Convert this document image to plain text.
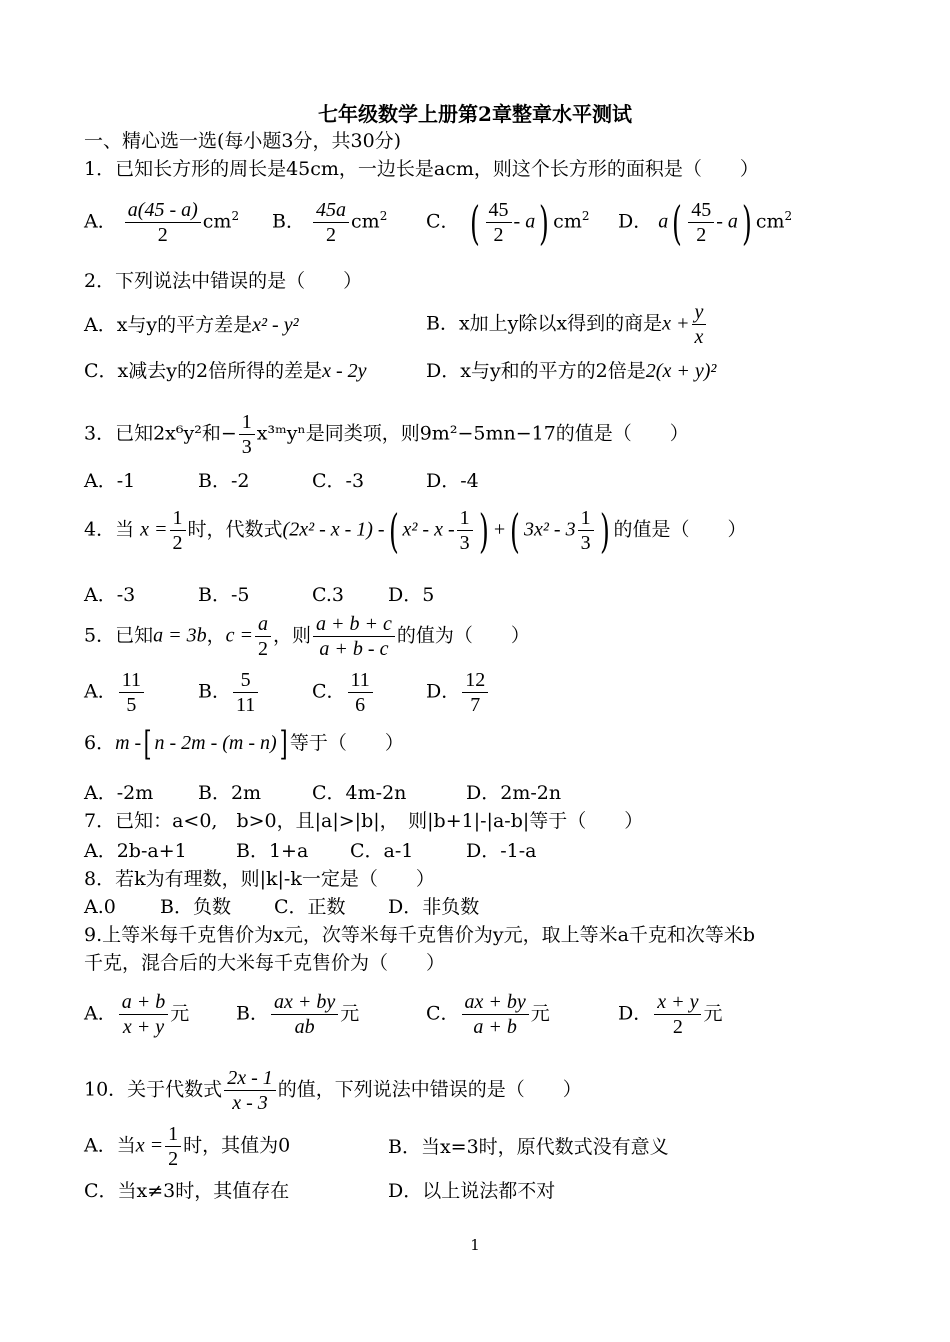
七年级数学上册第2章整章水平测试
一、精心选一选(每小题3分，共30分)
1．已知长方形的周长是45cm，一边长是acm，则这个长方形的面积是（　　）
A． $\frac{a(45 - a)}{2} cm^2$ B． $\frac{45a}{2} cm^2$ C． ( $\frac{45}{2} - a$) $cm^2$ D． $a( \frac{45}{2} - a)$ $cm^2$
2．下列说法中错误的是（　　）
A．x与y的平方差是x² - y²	B．x加上y除以x得到的商是$x + \frac{y}{x}$
C．x减去y的2倍所得的差是x - 2y	D．x与y和的平方的2倍是2(x + y)²
3．已知2x⁶y²和− $\frac{1}{3}$ x³ᵐyⁿ是同类项，则9m²−5mn−17的值是（　　）
A．-1	B．-2	C．-3	D．-4
4．当 $x = \frac{1}{2}$ 时，代数式(2x² - x - 1) -( x² - x - $\frac{1}{3}$ ) +( $3x^2 - 3 \frac{1}{3}$ ) 的值是（　　）
A．-3	B．-5	C.3 D．5
5．已知a = 3b，$c = \frac{a}{2}$ ，则 $\frac{a + b + c}{a + b - c}$ 的值为（　　）
A． $\frac{11}{5}$	B． $\frac{5}{11}$	C． $\frac{11}{6}$	D． $\frac{12}{7}$
6．m -[ n - 2m - (m - n)] 等于（　　）
A．-2m B．2m	C．4m-2n	D．2m-2n
7．已知：a<0,　b>0，且|a|>|b|，　则|b+1|-|a-b|等于（　　）
A．2b-a+1	B．1+a C．a-1	D．-1-a
8．若k为有理数，则|k|-k一定是（　　）
A.0 B．负数 C．正数 D．非负数
9.上等米每千克售价为x元，次等米每千克售价为y元，取上等米a千克和次等米b
千克，混合后的大米每千克售价为（　　）
A． $\frac{a + b}{x + y}$ 元 B． $\frac{ax + by}{ab}$ 元	C． $\frac{ax + by}{a + b}$ 元	D． $\frac{x + y}{2}$ 元
10．关于代数式 $\frac{2x - 1}{x - 3}$ 的值，下列说法中错误的是（　　）
A．当$x = \frac{1}{2}$ 时，其值为0	B．当x=3时，原代数式没有意义
C．当x≠3时，其值存在	D．以上说法都不对
1
